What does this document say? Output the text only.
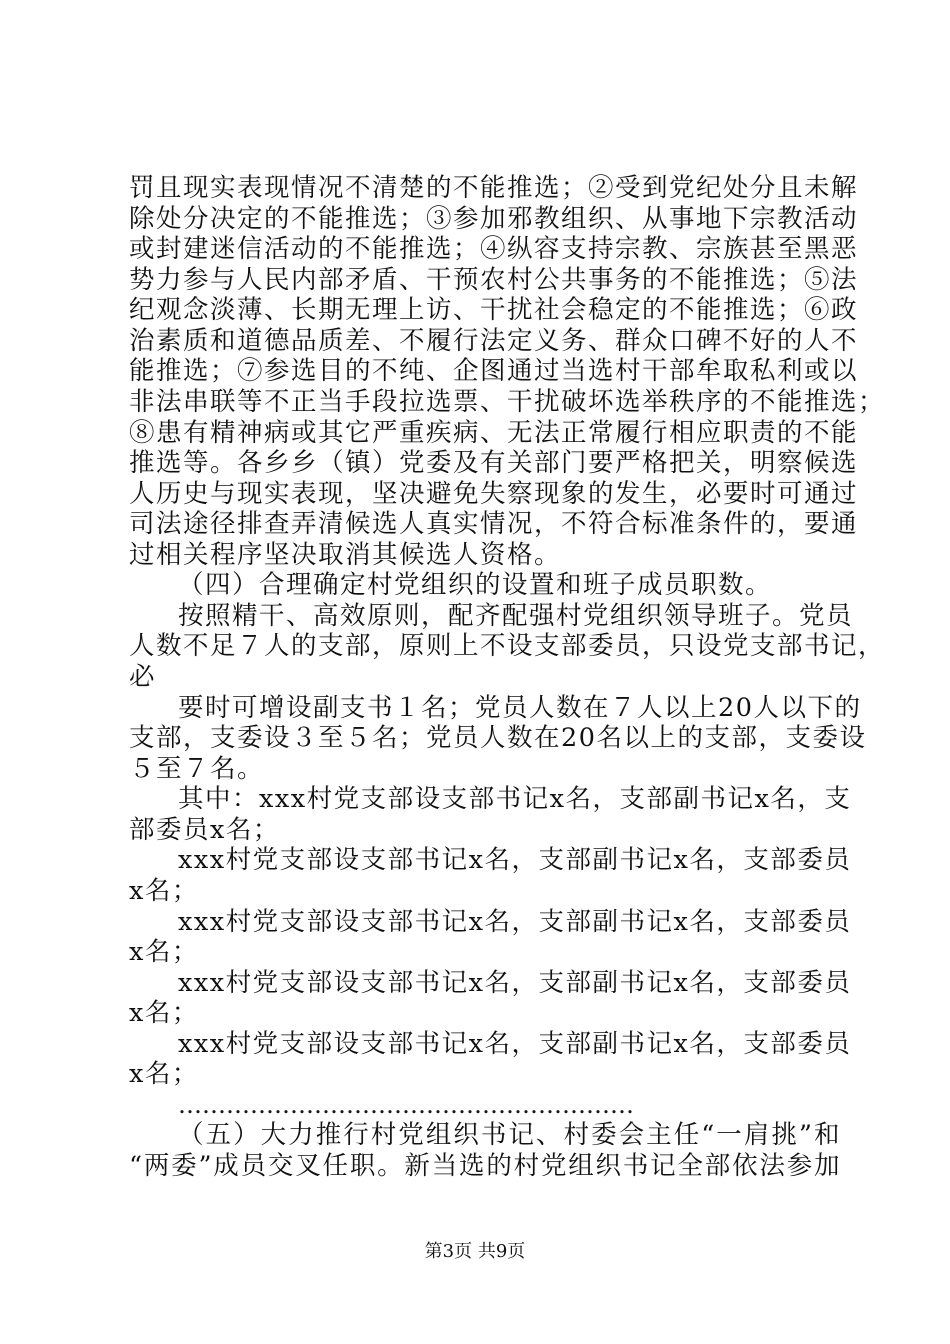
罚且现实表现情况不清楚的不能推选；②受到党纪处分且未解
除处分决定的不能推选；③参加邪教组织、从事地下宗教活动
或封建迷信活动的不能推选；④纵容支持宗教、宗族甚至黑恶
势力参与人民内部矛盾、干预农村公共事务的不能推选；⑤法
纪观念淡薄、长期无理上访、干扰社会稳定的不能推选；⑥政
治素质和道德品质差、不履行法定义务、群众口碑不好的人不
能推选；⑦参选目的不纯、企图通过当选村干部牟取私利或以
非法串联等不正当手段拉选票、干扰破坏选举秩序的不能推选；
⑧患有精神病或其它严重疾病、无法正常履行相应职责的不能
推选等。各乡乡（镇）党委及有关部门要严格把关，明察候选
人历史与现实表现，坚决避免失察现象的发生，必要时可通过
司法途径排查弄清候选人真实情况，不符合标准条件的，要通
过相关程序坚决取消其候选人资格。
（四）合理确定村党组织的设置和班子成员职数。
按照精干、高效原则，配齐配强村党组织领导班子。党员
人数不足７人的支部，原则上不设支部委员，只设党支部书记，
必
要时可增设副支书１名；党员人数在７人以上20人以下的
支部，支委设３至５名；党员人数在20名以上的支部，支委设
５至７名。
其中：xxx村党支部设支部书记x名，支部副书记x名，支
部委员x名；
xxx村党支部设支部书记x名，支部副书记x名，支部委员
x名；
xxx村党支部设支部书记x名，支部副书记x名，支部委员
x名；
xxx村党支部设支部书记x名，支部副书记x名，支部委员
x名；
xxx村党支部设支部书记x名，支部副书记x名，支部委员
x名；
…………………………………………………
（五）大力推行村党组织书记、村委会主任“一肩挑”和
“两委”成员交叉任职。新当选的村党组织书记全部依法参加
第3页 共9页
